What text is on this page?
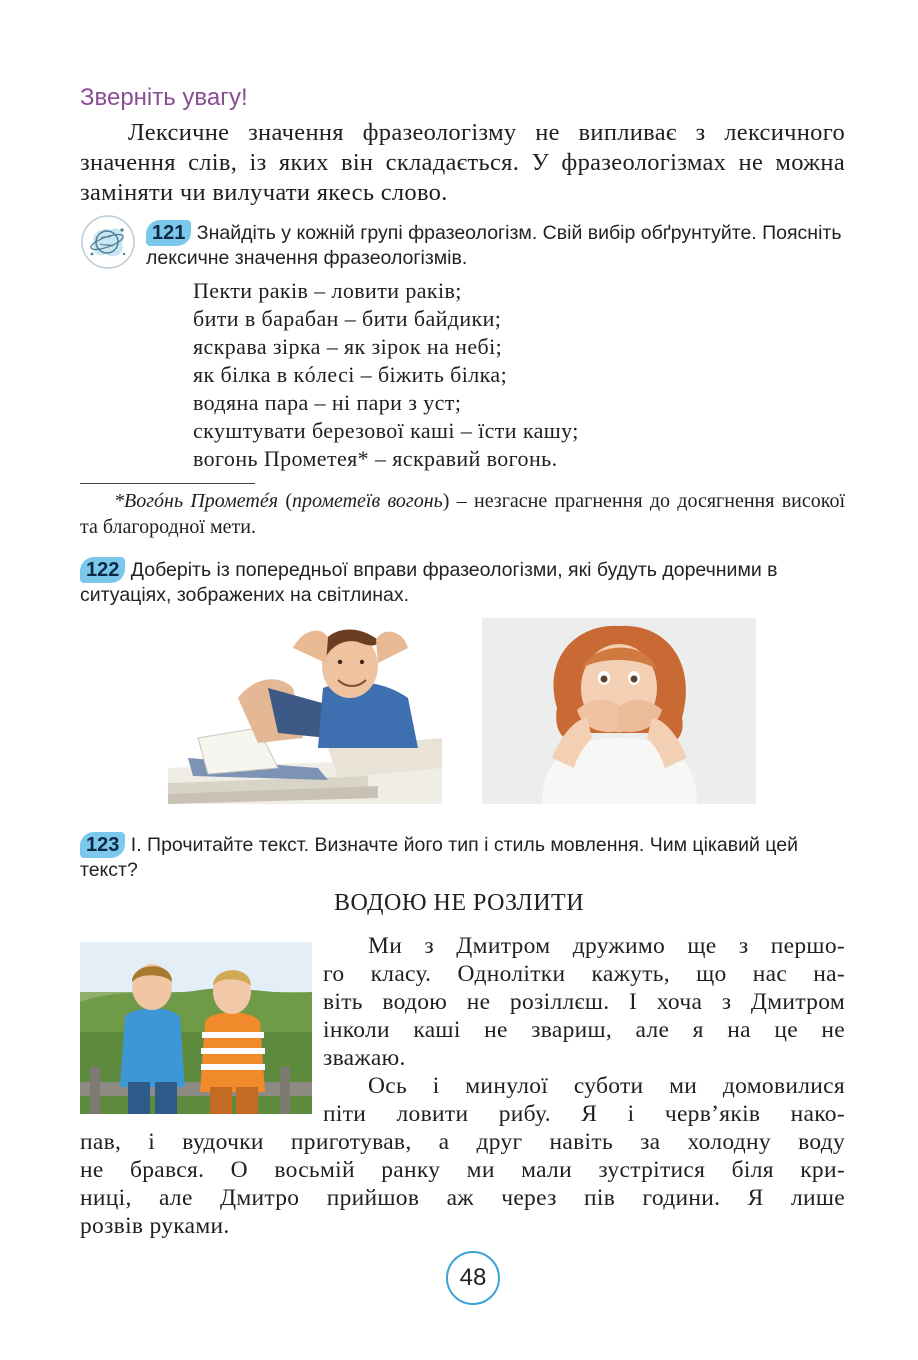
Зверніть увагу!
Лексичне значення фразеологізму не випливає з лексичного значення слів, із яких він складається. У фразеологізмах не можна заміняти чи вилучати якесь слово.
121 Знайдіть у кожній групі фразеологізм. Свій вибір обґрунтуйте. Поясніть лексичне значення фразеологізмів.
Пекти раків – ловити раків;
бити в барабан – бити байдики;
яскрава зірка – як зірок на небі;
як білка в кóлесі – біжить білка;
водяна пара – ні пари з уст;
скуштувати березової каші – їсти кашу;
вогонь Прометея* – яскравий вогонь.
*Вогóнь Прометéя (прометеїв вогонь) – незгасне прагнення до досягнення високої та благородної мети.
122 Доберіть із попередньої вправи фразеологізми, які будуть доречними в ситуаціях, зображених на світлинах.
123 І. Прочитайте текст. Визначте його тип і стиль мовлення. Чим цікавий цей текст?
ВОДОЮ НЕ РОЗЛИТИ
Ми з Дмитром дружимо ще з першо-
го класу. Однолітки кажуть, що нас на-
віть водою не розіллєш. І хоча з Дмитром
інколи каші не звариш, але я на це не
зважаю.
Ось і минулої суботи ми домовилися
піти ловити рибу. Я і черв’яків нако-
пав, і вудочки приготував, а друг навіть за холодну воду
не брався. О восьмій ранку ми мали зустрітися біля кри-
ниці, але Дмитро прийшов аж через пів години. Я лише
розвів руками.
48
